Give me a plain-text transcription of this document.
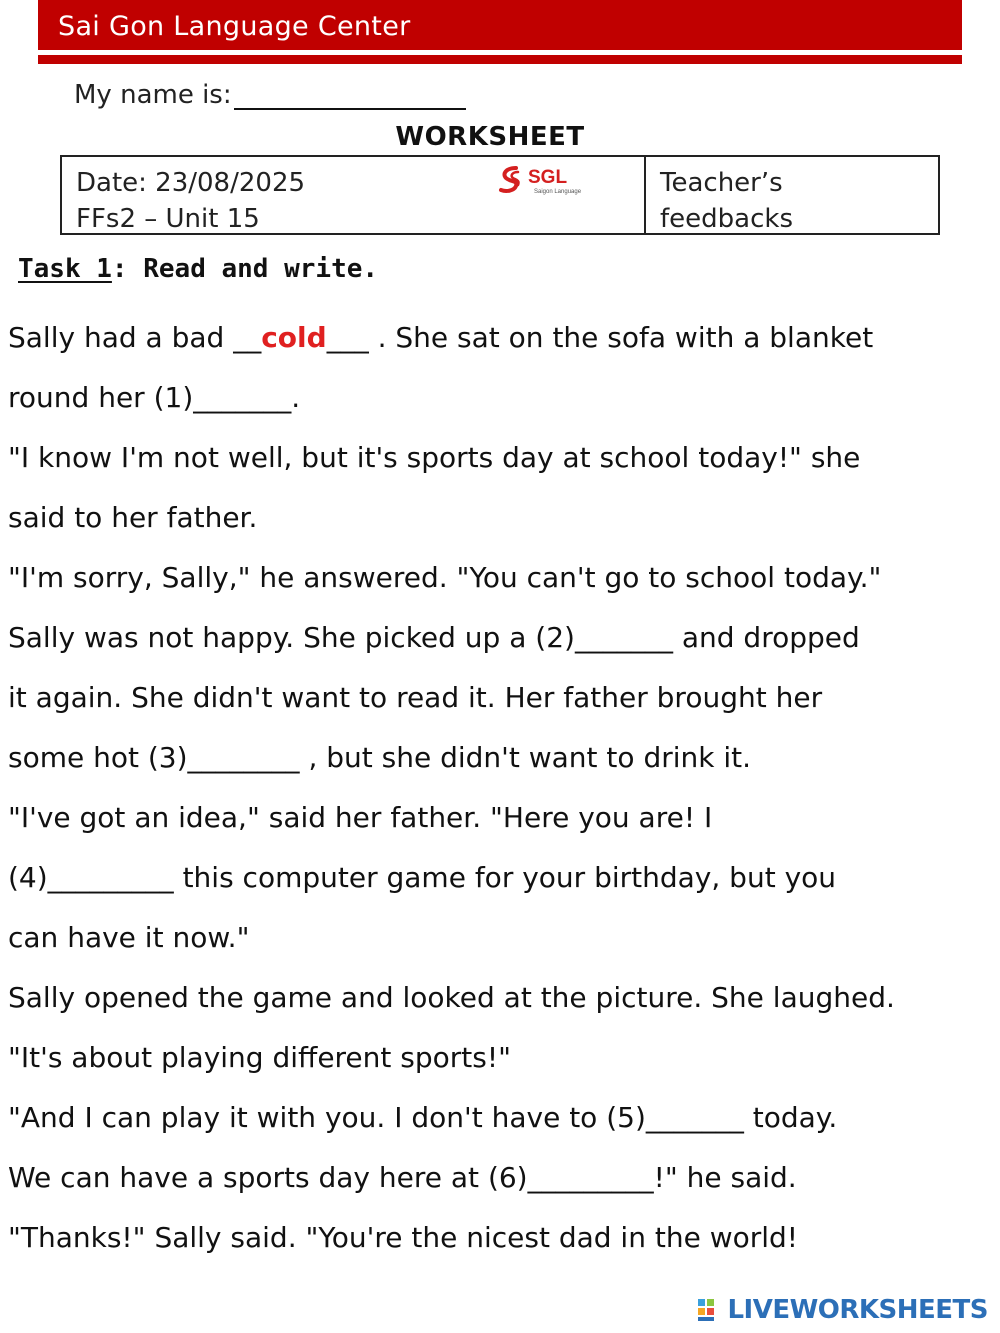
Sai Gon Language Center
My name is:
WORKSHEET
Date: 23/08/2025
FFs2 – Unit 15
SGL
Saigon Language	Teacher’s
feedbacks
Task 1: Read and write.
Sally had a bad __cold___ . She sat on the sofa with a blanket
round her (1)_______.
"I know I'm not well, but it's sports day at school today!" she
said to her father.
"I'm sorry, Sally," he answered. "You can't go to school today."
Sally was not happy. She picked up a (2)_______ and dropped
it again. She didn't want to read it. Her father brought her
some hot (3)________ , but she didn't want to drink it.
"I've got an idea," said her father. "Here you are! I
(4)_________ this computer game for your birthday, but you
can have it now."
Sally opened the game and looked at the picture. She laughed.
"It's about playing different sports!"
"And I can play it with you. I don't have to (5)_______ today.
We can have a sports day here at (6)_________!" he said.
"Thanks!" Sally said. "You're the nicest dad in the world!
LIVEWORKSHEETS
